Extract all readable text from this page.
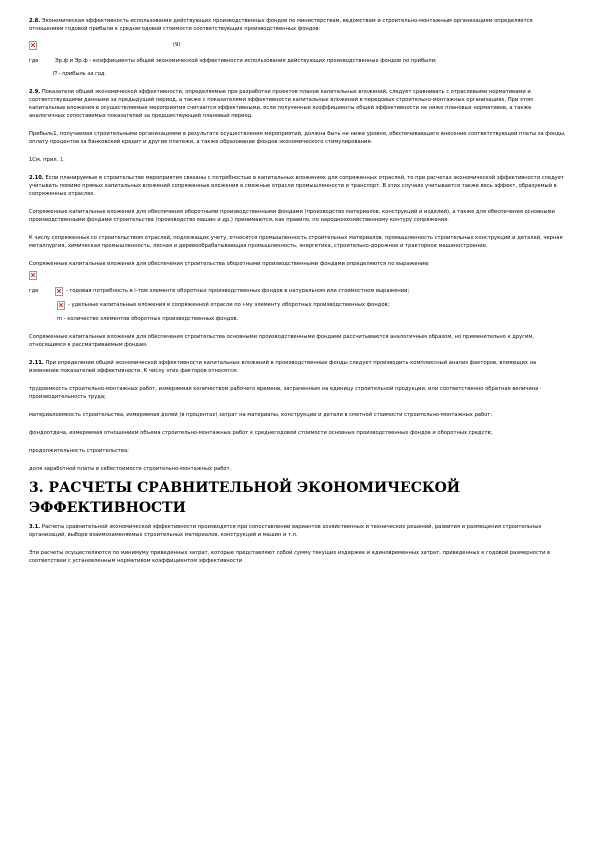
2.8. Экономическая эффективность использования действующих производственных фондов по министерствам, ведомствам и строительно-монтажным организациям определяется отношением годовой прибыли к среднегодовой стоимости соответствующих производственных фондов:

(9)
где	Эр.ф и Эр.ф - коэффициенты общей экономической эффективности использования действующих производственных фондов по прибыли;

П - прибыль за год.

2.9. Показатели общей экономической эффективности, определяемые при разработке проектов планов капитальных вложений, следует сравнивать с отраслевыми нормативами и соответствующими данными за предыдущий период, а также с показателями эффективности капитальных вложений в передовых строительно-монтажных организациях. При этом капитальные вложения в осуществляемые мероприятия считаются эффективными, если полученные коэффициенты общей эффективности не ниже плановых нормативов, а также аналогичных сопоставимых показателей за предшествующий плановый период.

Прибыль1, получаемая строительными организациями в результате осуществления мероприятий, должна быть не ниже уровня, обеспечивающего внесение соответствующей платы за фонды, оплату процентов за банковский кредит и другие платежи, а также образование фондов экономического стимулирования.

1См. прил. 1.

2.10. Если планируемые в строительстве мероприятия связаны с потребностью в капитальных вложениях для сопряженных отраслей, то при расчетах экономической эффективности следует учитывать помимо прямых капитальных вложений сопряженные вложения в смежные отрасли промышленности и транспорт. В этих случаях учитывается также весь эффект, образуемый в сопряженных отраслях.

Сопряженные капитальные вложения для обеспечения оборотными производственными фондами (производство материалов, конструкций и изделий), а также для обеспечения основными производственными фондами строительства (производство машин и др.) принимаются, как правило, по народнохозяйственному контуру сопряжения.

К числу сопряженных со строительством отраслей, подлежащих учету, относятся промышленность строительных материалов, промышленность строительных конструкций и деталей, черная металлургия, химическая промышленность, лесная и деревообрабатывающая промышленность, энергетика, строительно-дорожное и тракторное машиностроение.

Сопряженные капитальные вложения для обеспечения строительства оборотными производственными фондами определяются по выражению

где	- годовая потребность в i-том элементе оборотных производственных фондов в натуральном или стоимостном выражении;

- удельные капитальные вложения в сопряженной отрасли по i-му элементу оборотных производственных фондов;

m - количество элементов оборотных производственных фондов.

Сопряженные капитальные вложения для обеспечения строительства основными производственными фондами рассчитываются аналогичным образом, но применительно к другим, относящимся к рассматриваемым фондам.

2.11. При определении общей экономической эффективности капитальных вложений в производственные фонды следует производить комплексный анализ факторов, влияющих на изменение показателей эффективности. К числу этих факторов относятся:

трудоемкость строительно-монтажных работ, измеряемая количеством рабочего времени, затраченным на единицу строительной продукции, или соответственно обратная величина - производительность труда;

материалоемкость строительства, измеряемая долей (в процентах) затрат на материалы, конструкции и детали в сметной стоимости строительно-монтажных работ;

фондоотдача, измеряемая отношением объема строительно-монтажных работ к среднегодовой стоимости основных производственных фондов и оборотных средств;

продолжительность строительства;

доля заработной платы в себестоимости строительно-монтажных работ.

3. РАСЧЕТЫ СРАВНИТЕЛЬНОЙ ЭКОНОМИЧЕСКОЙ ЭФФЕКТИВНОСТИ

3.1. Расчеты сравнительной экономической эффективности производятся при сопоставлении вариантов хозяйственных и технических решений, развития и размещения строительных организаций, выборе взаимозаменяемых строительных материалов, конструкций и машин и т.п.

Эти расчеты осуществляются по минимуму приведенных затрат, которые представляют собой сумму текущих издержек и единовременных затрат, приведенных к годовой размерности в соответствии с установленным нормативом коэффициентом эффективности
